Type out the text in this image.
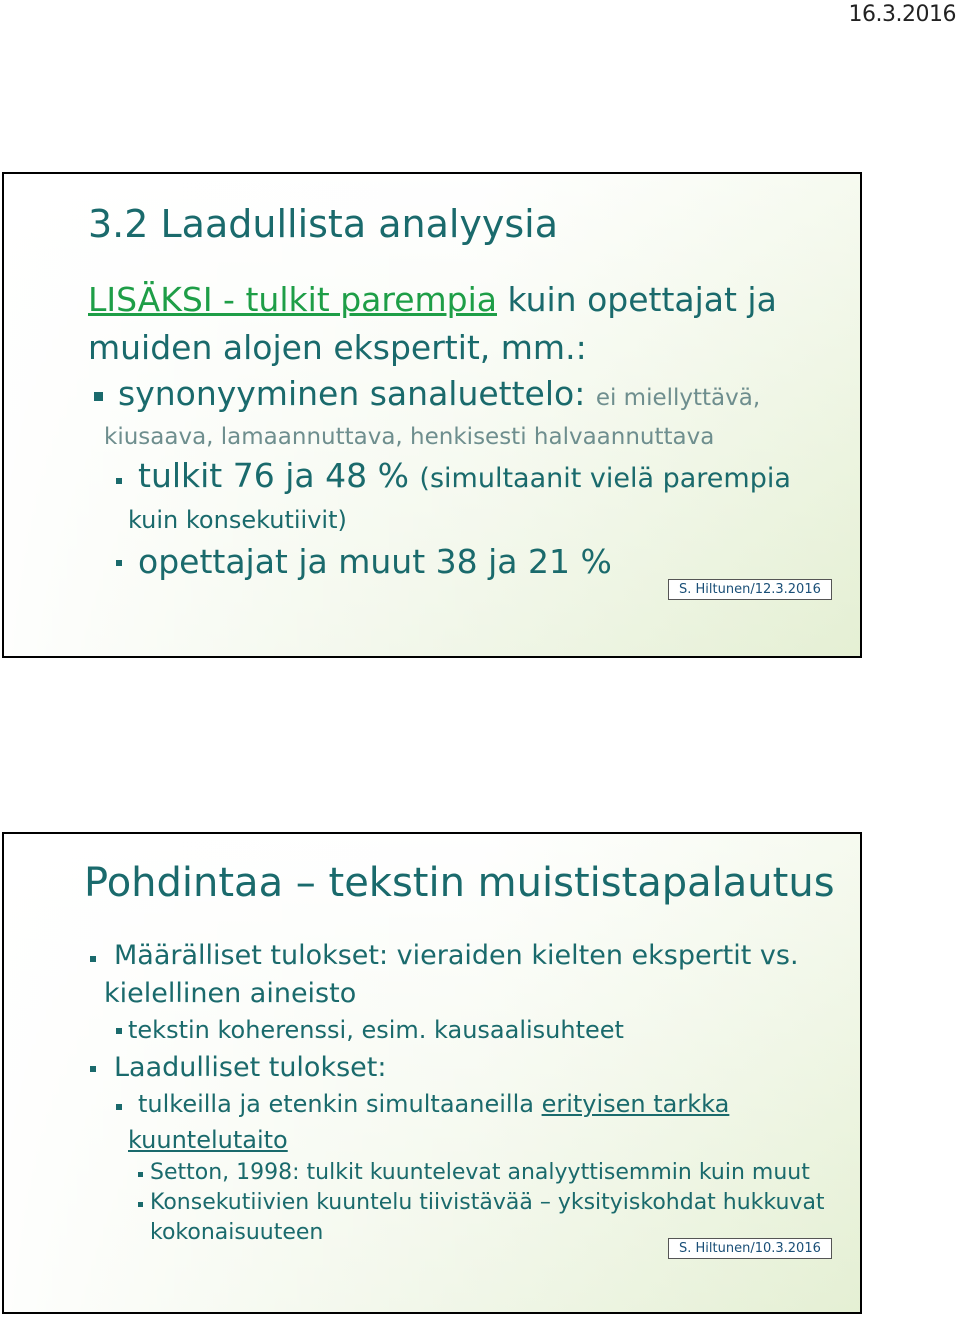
16.3.2016
3.2 Laadullista analyysia
LISÄKSI - tulkit parempia kuin opettajat ja
muiden alojen ekspertit, mm.:
synonyyminen sanaluettelo: ei miellyttävä,
kiusaava, lamaannuttava, henkisesti halvaannuttava
tulkit 76 ja 48 % (simultaanit vielä parempia
kuin konsekutiivit)
opettajat ja muut 38 ja 21 %
S. Hiltunen/12.3.2016
Pohdintaa – tekstin muististapalautus
Määrälliset tulokset: vieraiden kielten ekspertit vs.
kielellinen aineisto
tekstin koherenssi, esim. kausaalisuhteet
Laadulliset tulokset:
tulkeilla ja etenkin simultaaneilla erityisen tarkka
kuuntelutaito
Setton, 1998: tulkit kuuntelevat analyyttisemmin kuin muut
Konsekutiivien kuuntelu tiivistävää – yksityiskohdat hukkuvat
kokonaisuuteen
S. Hiltunen/10.3.2016
